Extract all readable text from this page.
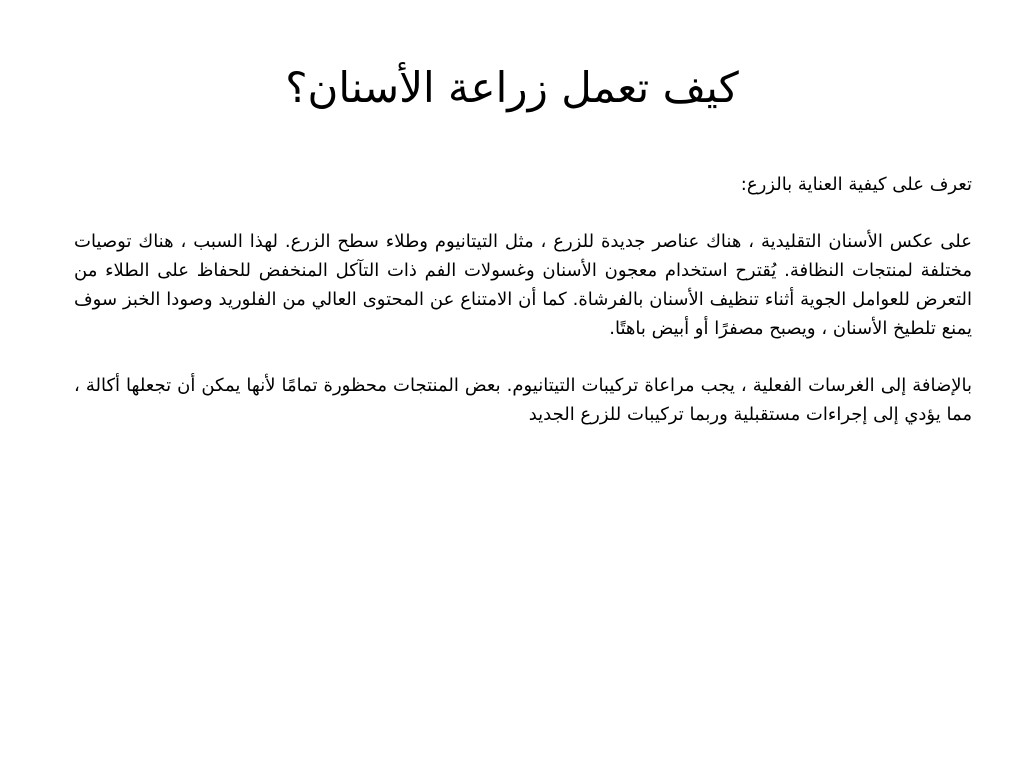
كيف تعمل زراعة الأسنان؟

تعرف على كيفية العناية بالزرع:

على عكس الأسنان التقليدية ، هناك عناصر جديدة للزرع ، مثل التيتانيوم وطلاء سطح الزرع. لهذا السبب ، هناك توصيات مختلفة لمنتجات النظافة. يُقترح استخدام معجون الأسنان وغسولات الفم ذات التآكل المنخفض للحفاظ على الطلاء من التعرض للعوامل الجوية أثناء تنظيف الأسنان بالفرشاة. كما أن الامتناع عن المحتوى العالي من الفلوريد وصودا الخبز سوف يمنع تلطيخ الأسنان ، ويصبح مصفرًا أو أبيض باهتًا.

بالإضافة إلى الغرسات الفعلية ، يجب مراعاة تركيبات التيتانيوم. بعض المنتجات محظورة تمامًا لأنها يمكن أن تجعلها أكالة ، مما يؤدي إلى إجراءات مستقبلية وربما تركيبات للزرع الجديد
